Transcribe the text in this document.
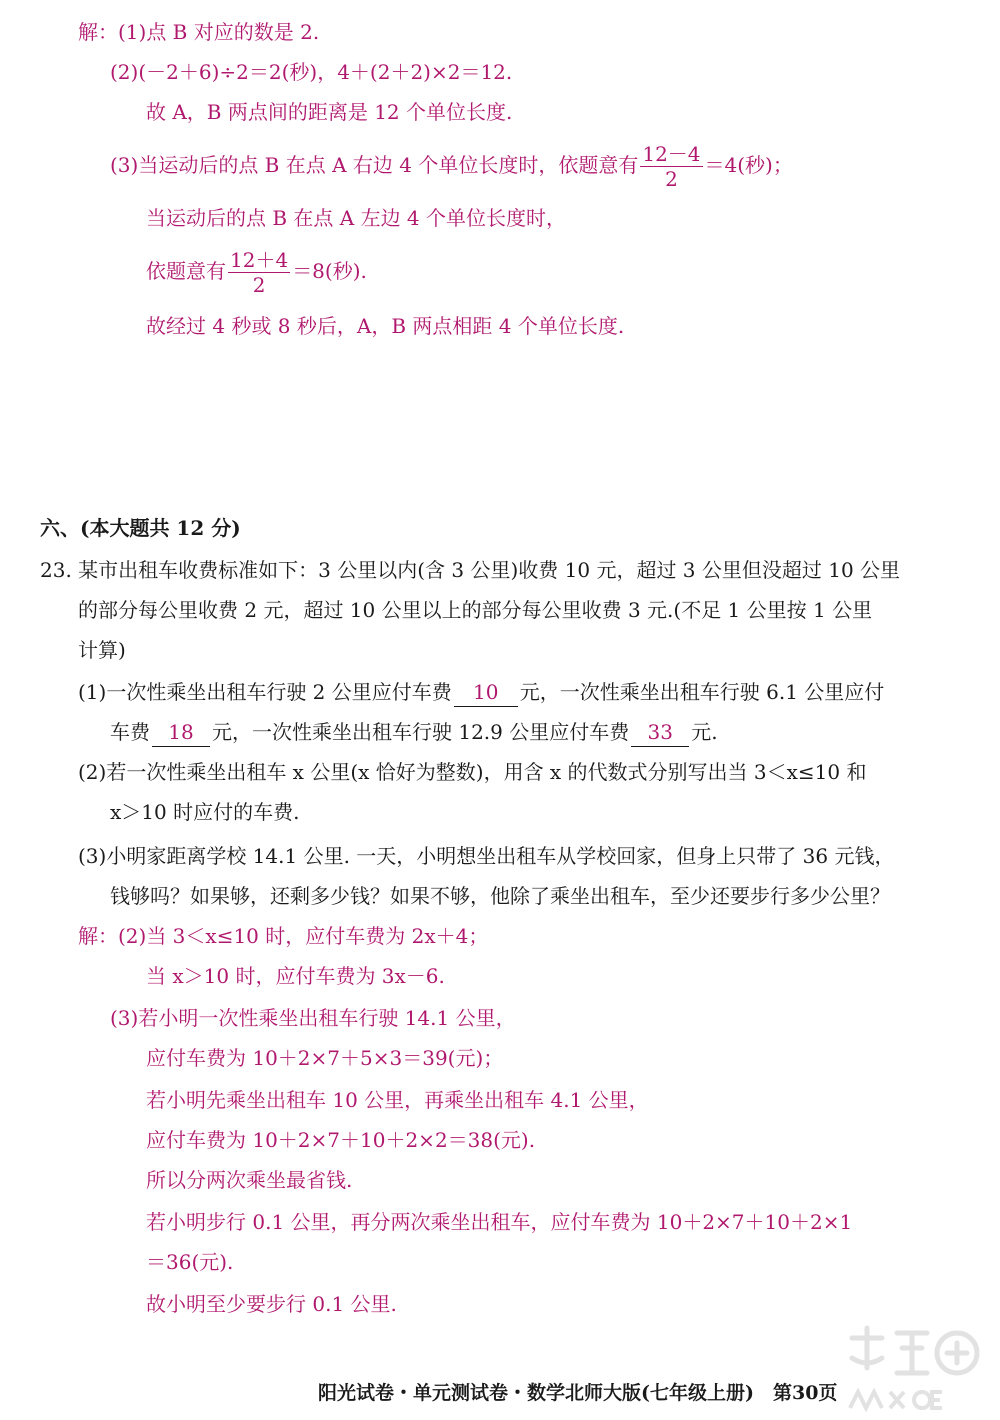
解：(1)点 B 对应的数是 2.
(2)(－2＋6)÷2＝2(秒)，4＋(2＋2)×2＝12.
故 A，B 两点间的距离是 12 个单位长度.
(3)当运动后的点 B 在点 A 右边 4 个单位长度时，依题意有 $\frac{12-4}{2} =4$(秒)；
当运动后的点 B 在点 A 左边 4 个单位长度时，
依题意有 $\frac{12+4}{2} =8$(秒).
故经过 4 秒或 8 秒后，A，B 两点相距 4 个单位长度.
六、(本大题共 12 分)
23. 某市出租车收费标准如下：3 公里以内(含 3 公里)收费 10 元，超过 3 公里但没超过 10 公里
的部分每公里收费 2 元，超过 10 公里以上的部分每公里收费 3 元.(不足 1 公里按 1 公里
计算)
(1)一次性乘坐出租车行驶 2 公里应付车费 10 元，一次性乘坐出租车行驶 6.1 公里应付
车费 18 元，一次性乘坐出租车行驶 12.9 公里应付车费 33 元.
(2)若一次性乘坐出租车 x 公里(x 恰好为整数)，用含 x 的代数式分别写出当 3＜x≤10 和
x＞10 时应付的车费.
(3)小明家距离学校 14.1 公里. 一天，小明想坐出租车从学校回家，但身上只带了 36 元钱，
钱够吗？如果够，还剩多少钱？如果不够，他除了乘坐出租车，至少还要步行多少公里？
解：(2)当 3＜x≤10 时，应付车费为 2x＋4；
当 x＞10 时，应付车费为 3x－6.
(3)若小明一次性乘坐出租车行驶 14.1 公里，
应付车费为 10＋2×7＋5×3＝39(元)；
若小明先乘坐出租车 10 公里，再乘坐出租车 4.1 公里，
应付车费为 10＋2×7＋10＋2×2＝38(元).
所以分两次乘坐最省钱.
若小明步行 0.1 公里，再分两次乘坐出租车，应付车费为 10＋2×7＋10＋2×1
＝36(元).
故小明至少要步行 0.1 公里.
阳光试卷・单元测试卷・数学北师大版(七年级上册)　第30页
